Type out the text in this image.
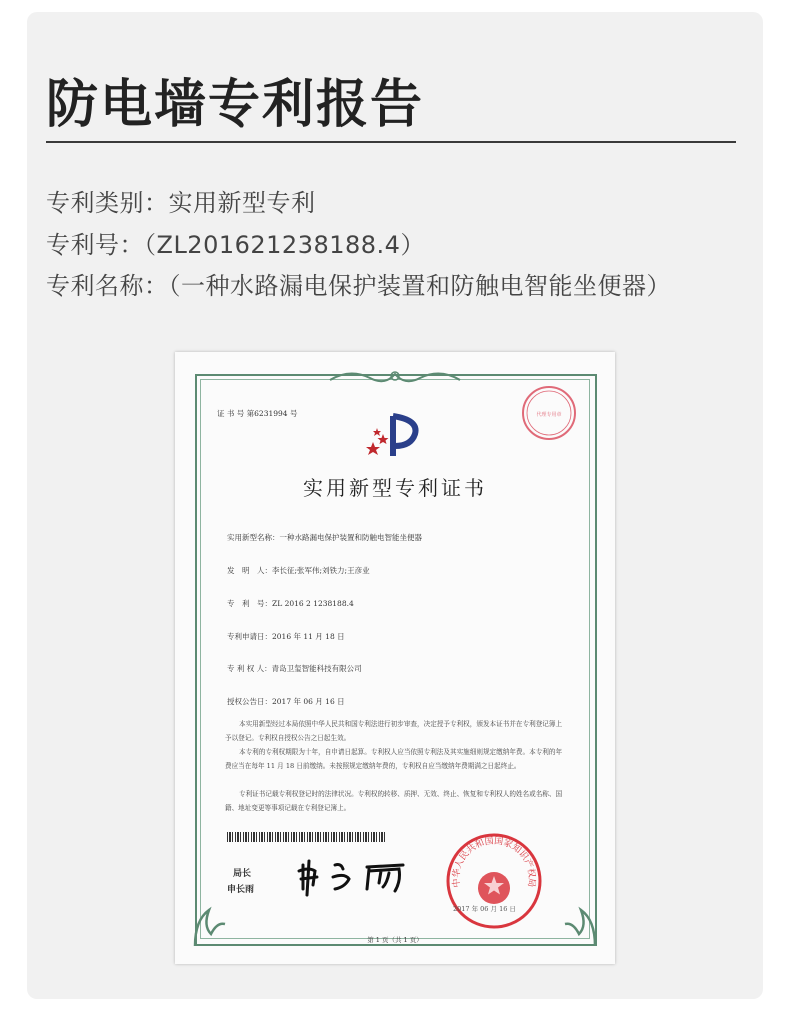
防电墙专利报告
专利类别：实用新型专利
专利号：（ZL201621238188.4）
专利名称：（一种水路漏电保护装置和防触电智能坐便器）
证 书 号 第6231994 号	代理专用章
实用新型专利证书
实用新型名称：一种水路漏电保护装置和防触电智能坐便器
发　明　人：李长征;张军伟;刘铁力;王彦业
专　利　号：ZL 2016 2 1238188.4
专利申请日：2016 年 11 月 18 日
专 利 权 人：青岛卫玺智能科技有限公司
授权公告日：2017 年 06 月 16 日
本实用新型经过本局依照中华人民共和国专利法进行初步审查，决定授予专利权，颁发本证书并在专利登记簿上予以登记。专利权自授权公告之日起生效。
本专利的专利权期限为十年，自申请日起算。专利权人应当依照专利法及其实施细则规定缴纳年费。本专利的年费应当在每年 11 月 18 日前缴纳。未按照规定缴纳年费的，专利权自应当缴纳年费期满之日起终止。
专利证书记载专利权登记时的法律状况。专利权的转移、质押、无效、终止、恢复和专利权人的姓名或名称、国籍、地址变更等事项记载在专利登记簿上。
局长
申长雨
中华人民共和国国家知识产权局
2017 年 06 月 16 日
第 1 页（共 1 页）
